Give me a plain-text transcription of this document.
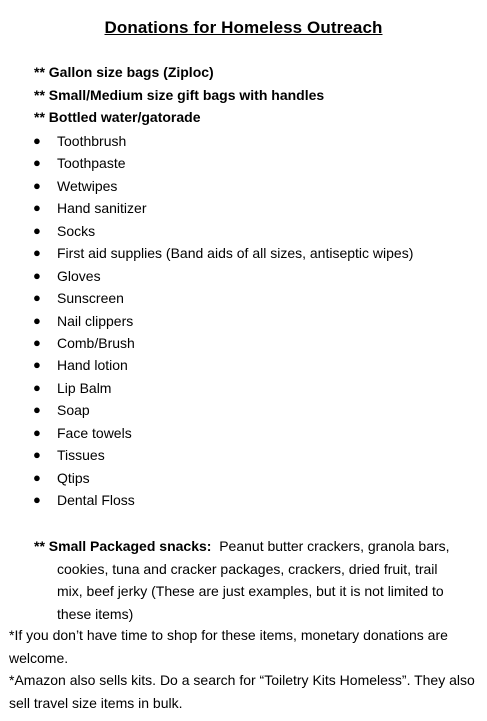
Donations for Homeless Outreach
** Gallon size bags (Ziploc)
** Small/Medium size gift bags with handles
** Bottled water/gatorade
● Toothbrush
● Toothpaste
● Wetwipes
● Hand sanitizer
● Socks
● First aid supplies (Band aids of all sizes, antiseptic wipes)
● Gloves
● Sunscreen
● Nail clippers
● Comb/Brush
● Hand lotion
● Lip Balm
● Soap
● Face towels
● Tissues
● Qtips
● Dental Floss
** Small Packaged snacks:  Peanut butter crackers, granola bars,
cookies, tuna and cracker packages, crackers, dried fruit, trail
mix, beef jerky (These are just examples, but it is not limited to
these items)
*If you don’t have time to shop for these items, monetary donations are welcome.
*Amazon also sells kits. Do a search for “Toiletry Kits Homeless”. They also sell travel size items in bulk.
